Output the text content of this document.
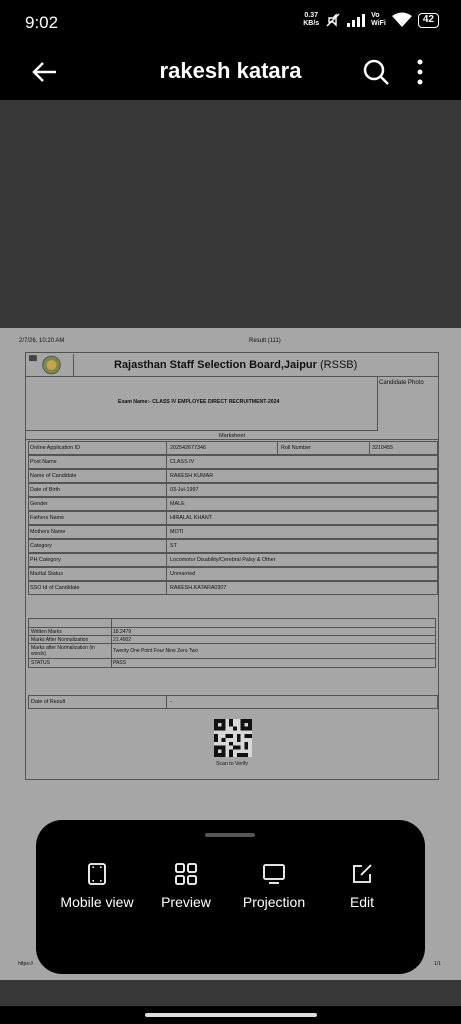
9:02	0.37
KB/s
Vo
WiFi	42
rakesh katara
2/7/26, 10:20 AM	Result (111)
Rajasthan Staff Selection Board,Jaipur (RSSB)
Exam Name:- CLASS IV EMPLOYEE DIRECT RECRUITMENT-2024
Candidate Photo
Marksheet
Online Application ID	202542677346	Roll Number	3210455
Post Name	CLASS IV
Name of Candidate	RAKESH KUMAR
Date of Birth	03-Jul-1997
Gender	MALE
Fathers Name	HIRALAL KHANT
Mothers Name	MOTI
Category	ST
PH Category	Locomotor Disability/Cerebral Palsy & Other
Marital Status	Unmarried
SSO Id of Candidate	RAKESH.KATARA0307
Written Marks	18.2479
Marks After Normalization	21.4902
Marks after Normalization (in words)	Twenty One Point Four Nine Zero Two
STATUS	PASS
Date of Result	-
Scan to Verify
https://	1/1
Mobile view	Preview	Projection	Edit
